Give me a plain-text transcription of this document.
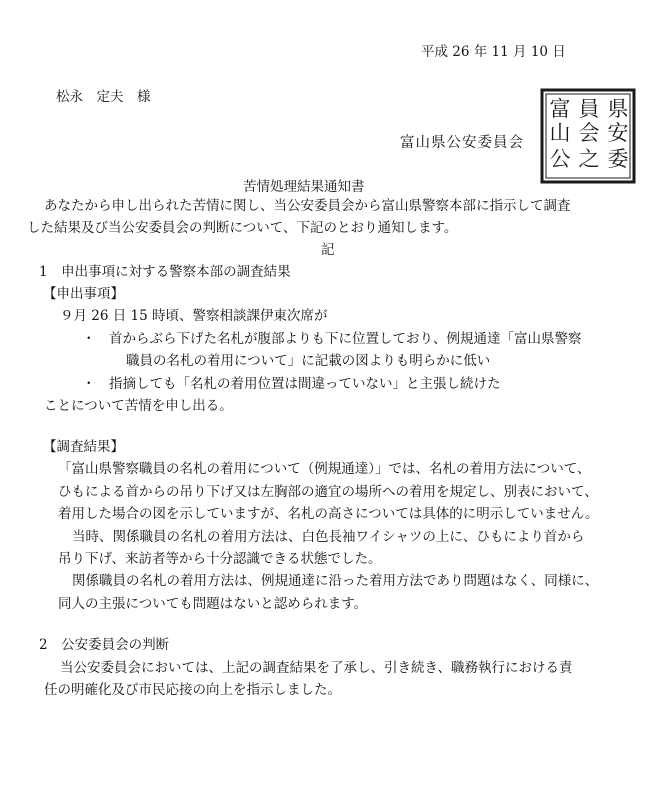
平成 26 年 11 月 10 日
松永　定夫　様
富山県公安委員会
県
富
安
山
委
公
員
会
之
苦情処理結果通知書
あなたから申し出られた苦情に関し、当公安委員会から富山県警察本部に指示して調査
した結果及び当公安委員会の判断について、下記のとおり通知します。
記
1　申出事項に対する警察本部の調査結果
【申出事項】
９月 26 日 15 時頃、警察相談課伊東次席が
・　首からぶら下げた名札が腹部よりも下に位置しており、例規通達「富山県警察
職員の名札の着用について」に記載の図よりも明らかに低い
・　指摘しても「名札の着用位置は間違っていない」と主張し続けた
ことについて苦情を申し出る。
【調査結果】
「富山県警察職員の名札の着用について（例規通達）」では、名札の着用方法について、
ひもによる首からの吊り下げ又は左胸部の適宜の場所への着用を規定し、別表において、
着用した場合の図を示していますが、名札の高さについては具体的に明示していません。
当時、関係職員の名札の着用方法は、白色長袖ワイシャツの上に、ひもにより首から
吊り下げ、来訪者等から十分認識できる状態でした。
関係職員の名札の着用方法は、例規通達に沿った着用方法であり問題はなく、同様に、
同人の主張についても問題はないと認められます。
2　公安委員会の判断
当公安委員会においては、上記の調査結果を了承し、引き続き、職務執行における責
任の明確化及び市民応接の向上を指示しました。
